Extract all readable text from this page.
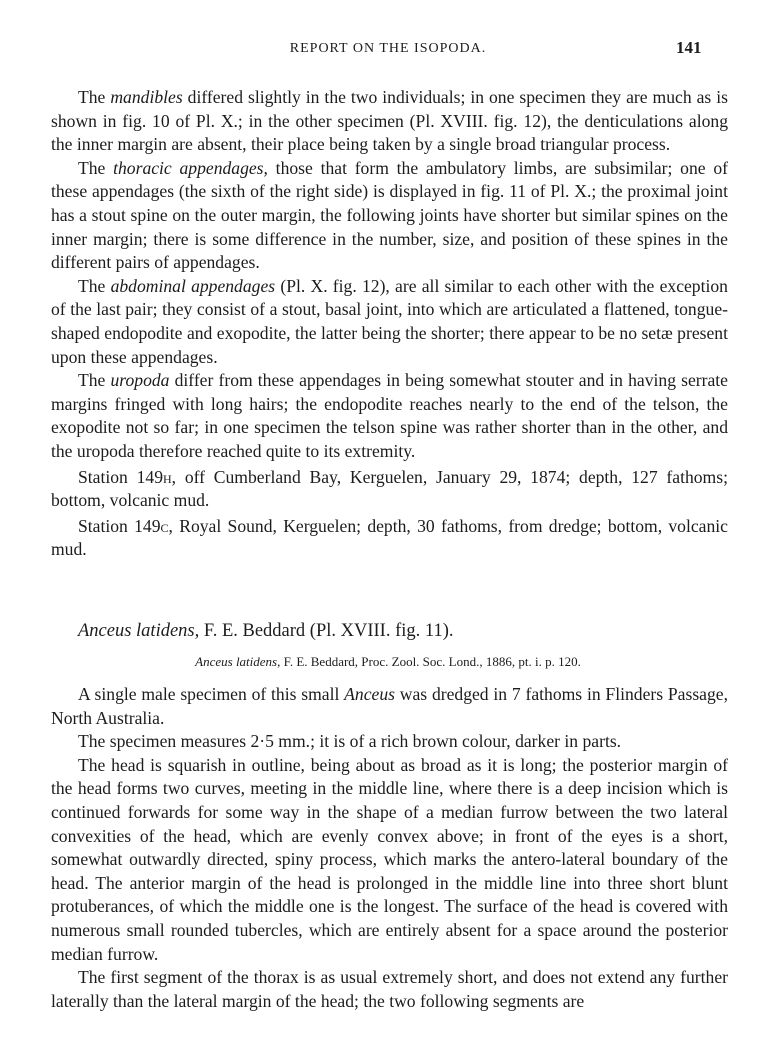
REPORT ON THE ISOPODA.	141

The mandibles differed slightly in the two individuals; in one specimen they are much as is shown in fig. 10 of Pl. X.; in the other specimen (Pl. XVIII. fig. 12), the denticulations along the inner margin are absent, their place being taken by a single broad triangular process.

The thoracic appendages, those that form the ambulatory limbs, are subsimilar; one of these appendages (the sixth of the right side) is displayed in fig. 11 of Pl. X.; the proximal joint has a stout spine on the outer margin, the following joints have shorter but similar spines on the inner margin; there is some difference in the number, size, and position of these spines in the different pairs of appendages.

The abdominal appendages (Pl. X. fig. 12), are all similar to each other with the exception of the last pair; they consist of a stout, basal joint, into which are articulated a flattened, tongue-shaped endopodite and exopodite, the latter being the shorter; there appear to be no setæ present upon these appendages.

The uropoda differ from these appendages in being somewhat stouter and in having serrate margins fringed with long hairs; the endopodite reaches nearly to the end of the telson, the exopodite not so far; in one specimen the telson spine was rather shorter than in the other, and the uropoda therefore reached quite to its extremity.

Station 149h, off Cumberland Bay, Kerguelen, January 29, 1874; depth, 127 fathoms; bottom, volcanic mud.

Station 149c, Royal Sound, Kerguelen; depth, 30 fathoms, from dredge; bottom, volcanic mud.

Anceus latidens, F. E. Beddard (Pl. XVIII. fig. 11).
Anceus latidens, F. E. Beddard, Proc. Zool. Soc. Lond., 1886, pt. i. p. 120.

A single male specimen of this small Anceus was dredged in 7 fathoms in Flinders Passage, North Australia.

The specimen measures 2·5 mm.; it is of a rich brown colour, darker in parts.

The head is squarish in outline, being about as broad as it is long; the posterior margin of the head forms two curves, meeting in the middle line, where there is a deep incision which is continued forwards for some way in the shape of a median furrow between the two lateral convexities of the head, which are evenly convex above; in front of the eyes is a short, somewhat outwardly directed, spiny process, which marks the antero-lateral boundary of the head. The anterior margin of the head is prolonged in the middle line into three short blunt protuberances, of which the middle one is the longest. The surface of the head is covered with numerous small rounded tubercles, which are entirely absent for a space around the posterior median furrow.

The first segment of the thorax is as usual extremely short, and does not extend any further laterally than the lateral margin of the head; the two following segments are
